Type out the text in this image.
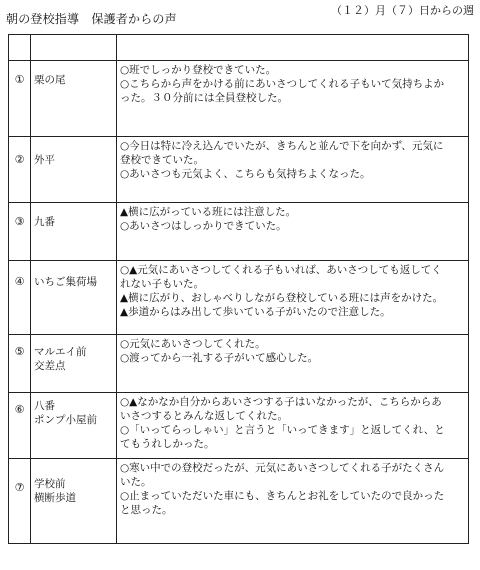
朝の登校指導　保護者からの声
（１２）月（７）日からの週

①	栗の尾	○班でしっかり登校できていた。
○こちらから声をかける前にあいさつしてくれる子もいて気持ちよか
った。３０分前には全員登校した。

②	外平	○今日は特に冷え込んでいたが、きちんと並んで下を向かず、元気に
登校できていた。
○あいさつも元気よく、こちらも気持ちよくなった。

③	九番	▲横に広がっている班には注意した。
○あいさつはしっかりできていた。

④	いちご集荷場	○▲元気にあいさつしてくれる子もいれば、あいさつしても返してく
れない子もいた。
▲横に広がり、おしゃべりしながら登校している班には声をかけた。
▲歩道からはみ出して歩いている子がいたので注意した。

⑤	マルエイ前
交差点	○元気にあいさつしてくれた。
○渡ってから一礼する子がいて感心した。

⑥	八番
ポンプ小屋前	○▲なかなか自分からあいさつする子はいなかったが、こちらからあ
いさつするとみんな返してくれた。
○「いってらっしゃい」と言うと「いってきます」と返してくれ、と
てもうれしかった。

⑦	学校前
横断歩道	○寒い中での登校だったが、元気にあいさつしてくれる子がたくさん
いた。
○止まっていただいた車にも、きちんとお礼をしていたので良かった
と思った。
